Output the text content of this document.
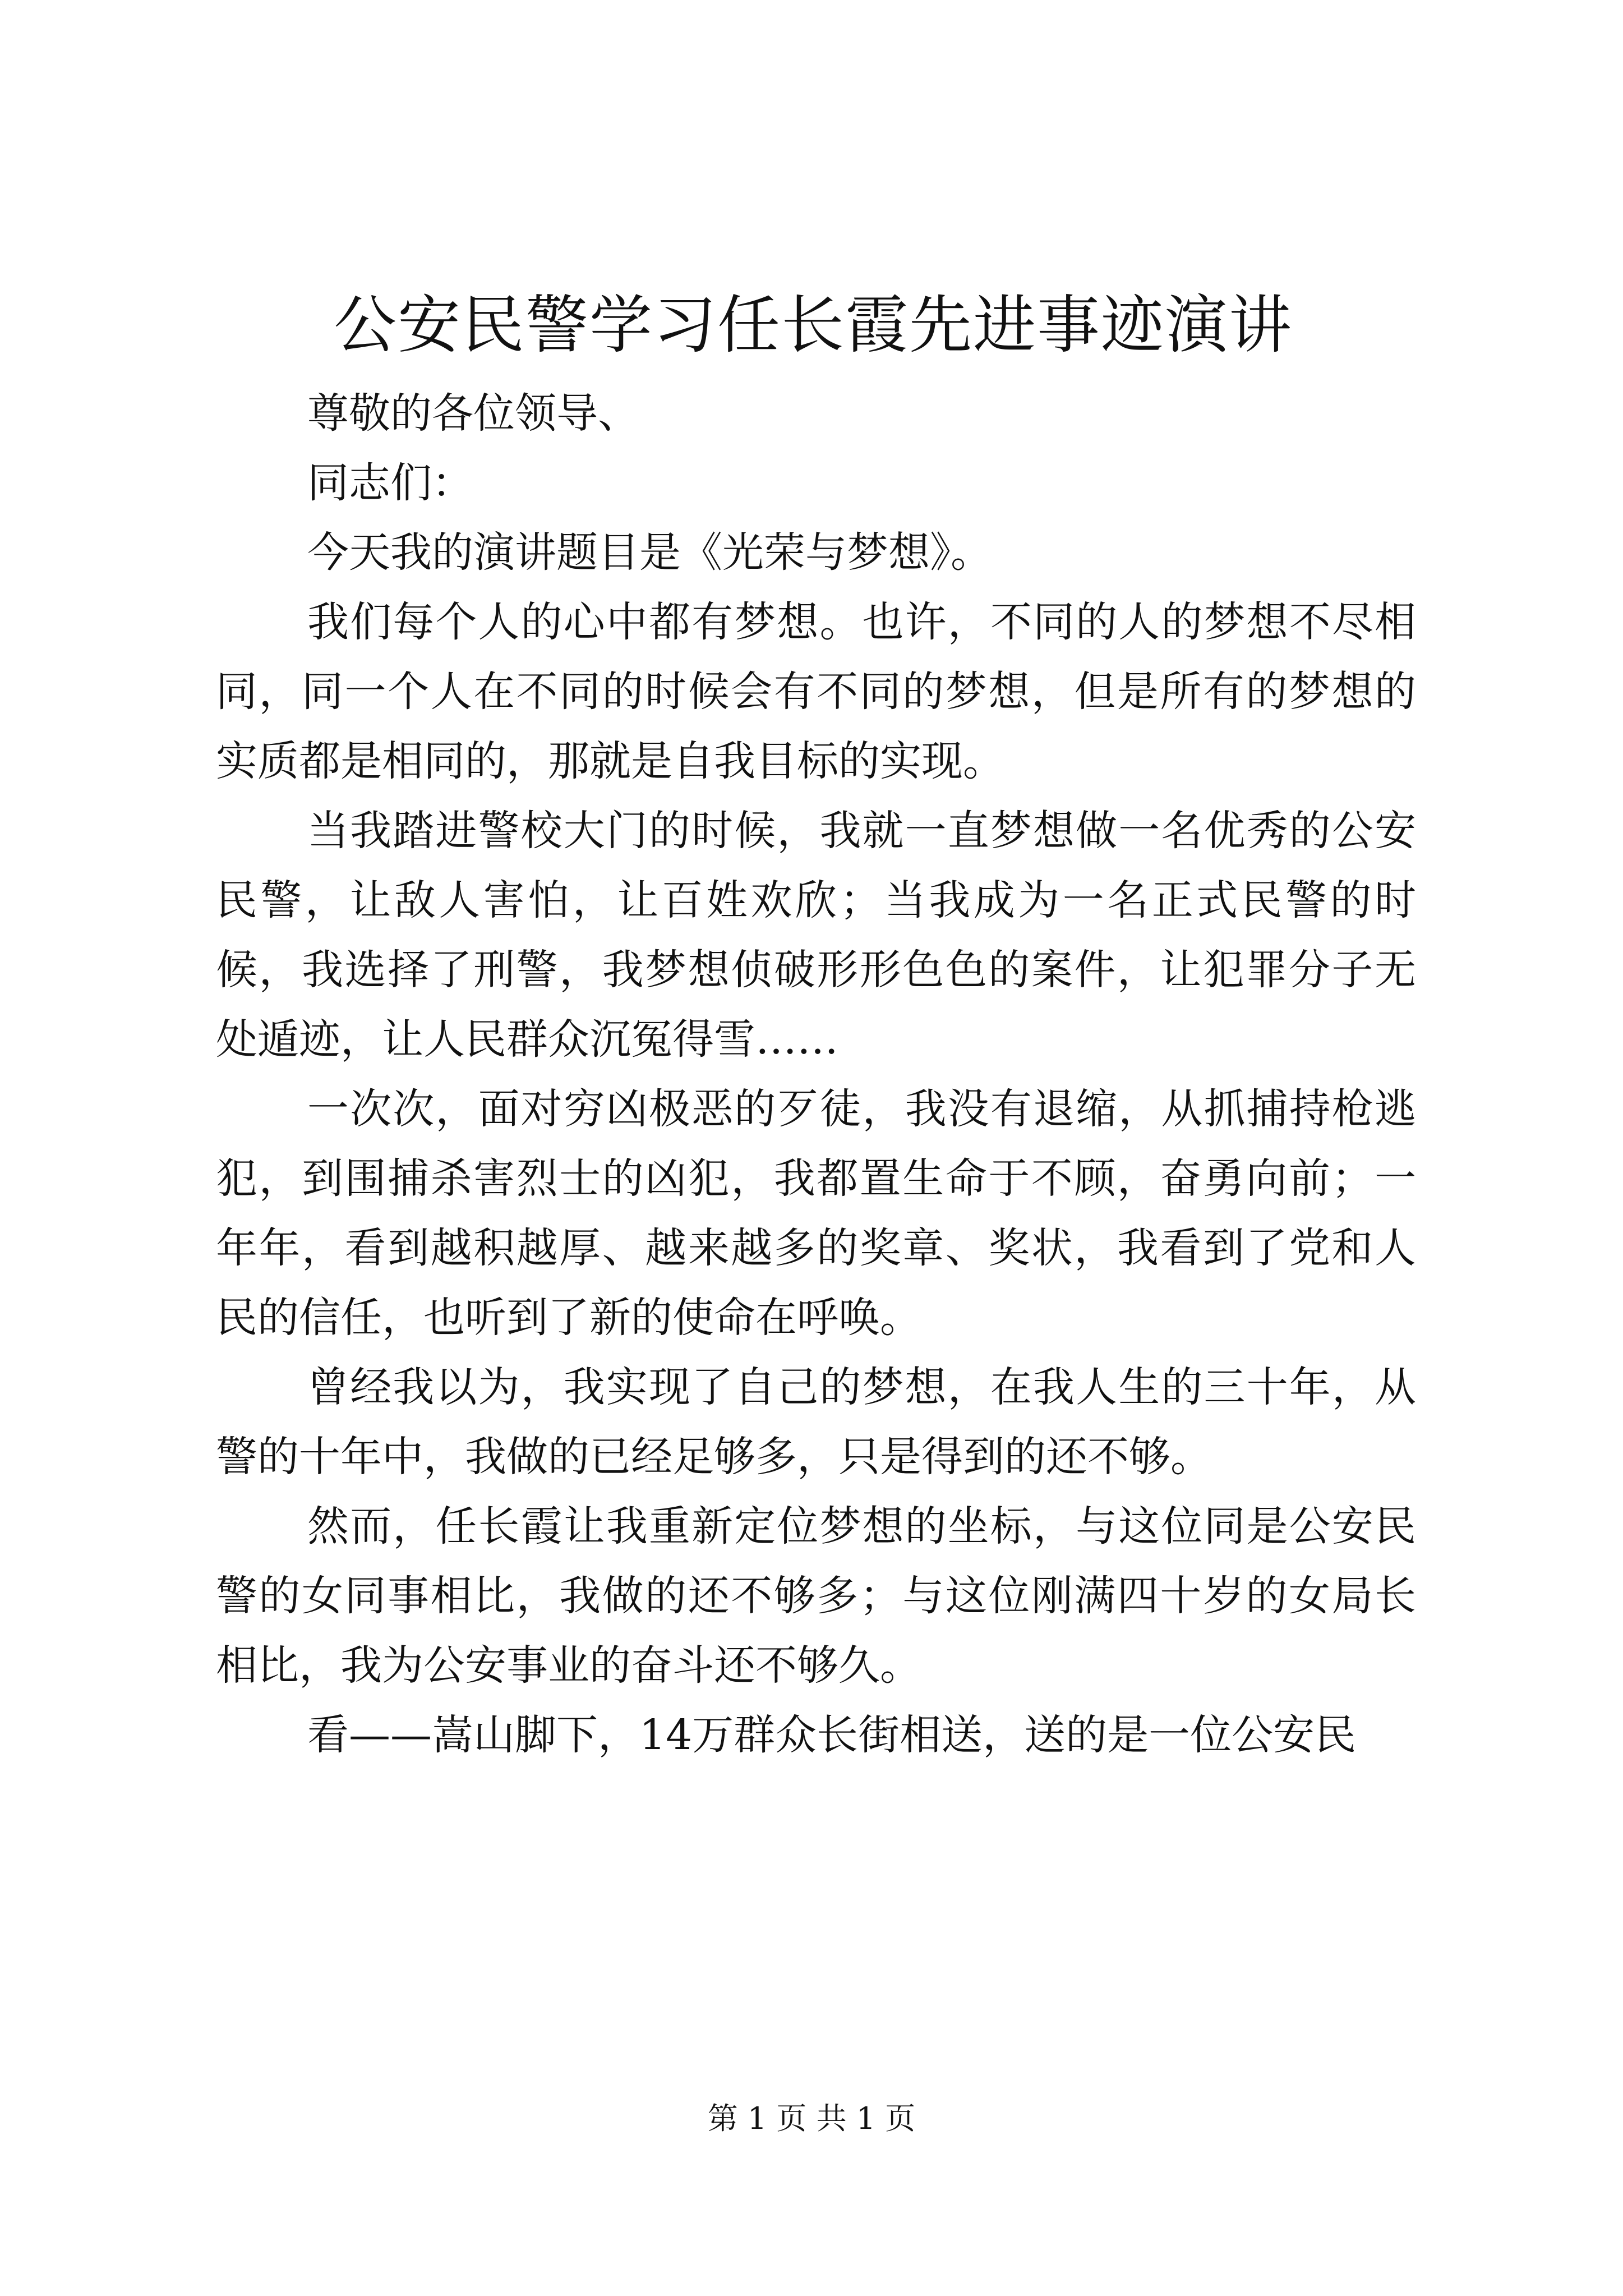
公安民警学习任长霞先进事迹演讲

尊敬的各位领导、

同志们：

今天我的演讲题目是《光荣与梦想》。

我们每个人的心中都有梦想。也许，不同的人的梦想不尽相同，同一个人在不同的时候会有不同的梦想，但是所有的梦想的实质都是相同的，那就是自我目标的实现。

当我踏进警校大门的时候，我就一直梦想做一名优秀的公安民警，让敌人害怕，让百姓欢欣；当我成为一名正式民警的时候，我选择了刑警，我梦想侦破形形色色的案件，让犯罪分子无处遁迹，让人民群众沉冤得雪……

一次次，面对穷凶极恶的歹徒，我没有退缩，从抓捕持枪逃犯，到围捕杀害烈士的凶犯，我都置生命于不顾，奋勇向前；一年年，看到越积越厚、越来越多的奖章、奖状，我看到了党和人民的信任，也听到了新的使命在呼唤。

曾经我以为，我实现了自己的梦想，在我人生的三十年，从警的十年中，我做的已经足够多，只是得到的还不够。

然而，任长霞让我重新定位梦想的坐标，与这位同是公安民警的女同事相比，我做的还不够多；与这位刚满四十岁的女局长相比，我为公安事业的奋斗还不够久。

看——嵩山脚下，14万群众长街相送，送的是一位公安民

第 1 页 共 1 页
